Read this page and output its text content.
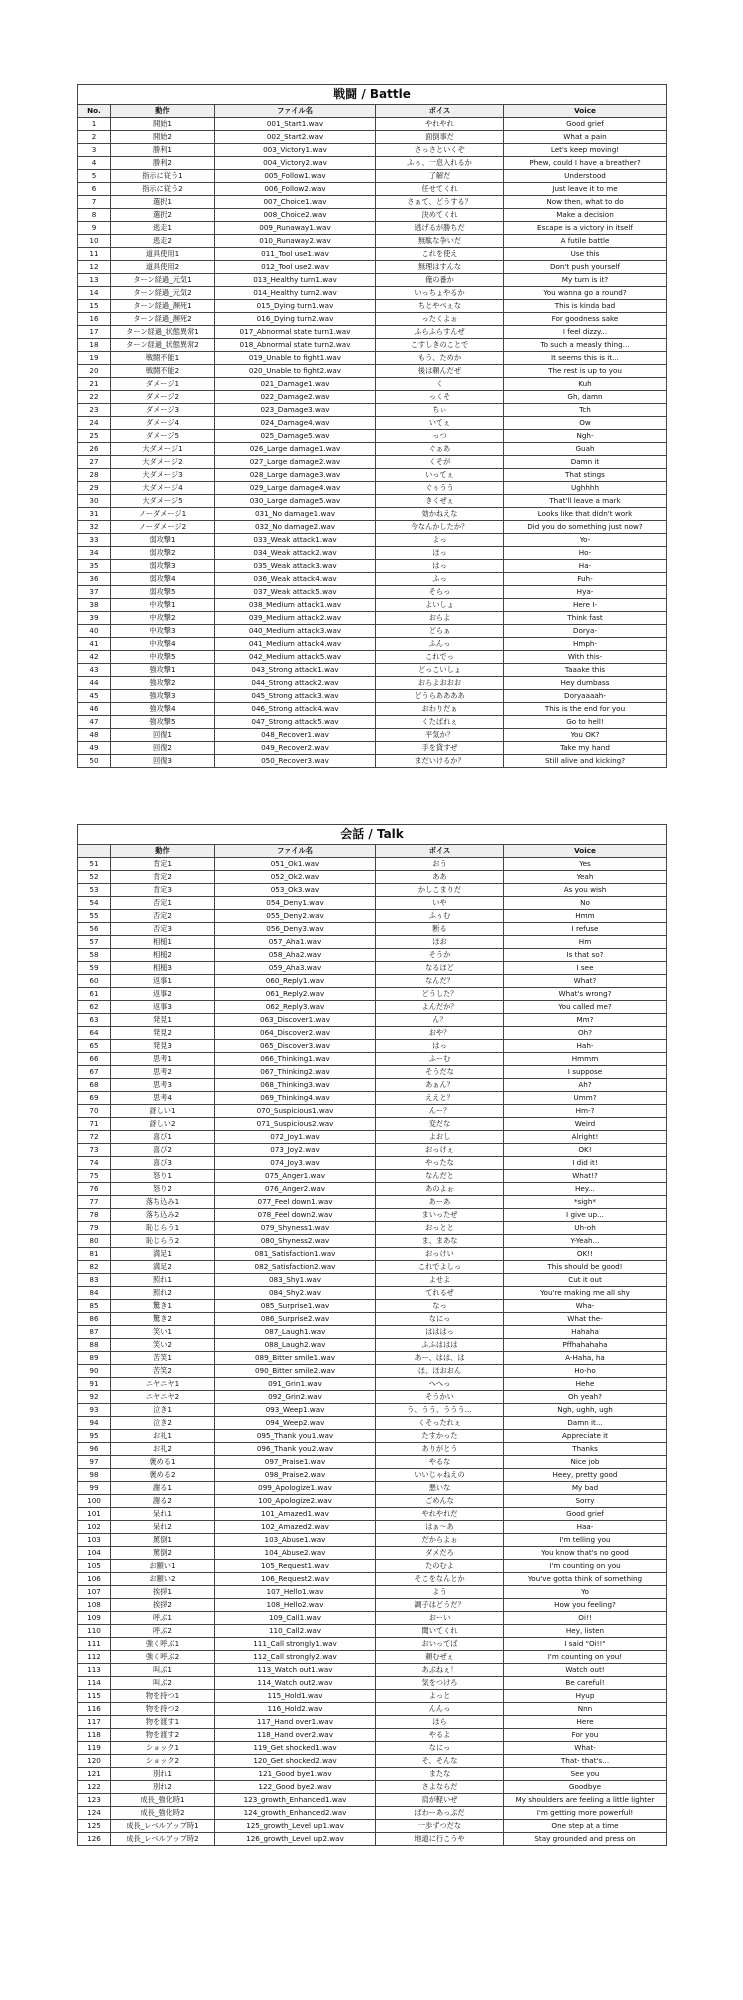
戦闘 / Battle
No.	動作	ファイル名	ボイス	Voice
1	開始1	001_Start1.wav	やれやれ	Good grief
2	開始2	002_Start2.wav	面倒事だ	What a pain
3	勝利1	003_Victory1.wav	さっさといくぞ	Let's keep moving!
4	勝利2	004_Victory2.wav	ふぅ、一息入れるか	Phew, could I have a breather?
5	指示に従う1	005_Follow1.wav	了解だ	Understood
6	指示に従う2	006_Follow2.wav	任せてくれ	Just leave it to me
7	選択1	007_Choice1.wav	さぁて、どうする？	Now then, what to do
8	選択2	008_Choice2.wav	決めてくれ	Make a decision
9	逃走1	009_Runaway1.wav	逃げるが勝ちだ	Escape is a victory in itself
10	逃走2	010_Runaway2.wav	無駄な争いだ	A futile battle
11	道具使用1	011_Tool use1.wav	これを使え	Use this
12	道具使用2	012_Tool use2.wav	無理はすんな	Don't push yourself
13	ターン経過_元気1	013_Healthy turn1.wav	俺の番か	My turn is it?
14	ターン経過_元気2	014_Healthy turn2.wav	いっちょやるか	You wanna go a round?
15	ターン経過_瀕死1	015_Dying turn1.wav	ちとやべぇな	This is kinda bad
16	ターン経過_瀕死2	016_Dying turn2.wav	ったくよぉ	For goodness sake
17	ターン経過_状態異常1	017_Abnormal state turn1.wav	ふらふらすんぜ	I feel dizzy...
18	ターン経過_状態異常2	018_Abnormal state turn2.wav	こすしきのことで	To such a measly thing...
19	戦闘不能1	019_Unable to fight1.wav	もう、ためか	It seems this is it...
20	戦闘不能2	020_Unable to fight2.wav	後は頼んだぜ	The rest is up to you
21	ダメージ1	021_Damage1.wav	く	Kuh
22	ダメージ2	022_Damage2.wav	っくそ	Gh, damn
23	ダメージ3	023_Damage3.wav	ちぃ	Tch
24	ダメージ4	024_Damage4.wav	いてぇ	Ow
25	ダメージ5	025_Damage5.wav	っつ	Ngh-
26	大ダメージ1	026_Large damage1.wav	ぐぁあ	Guah
27	大ダメージ2	027_Large damage2.wav	くそが	Damn it
28	大ダメージ3	028_Large damage3.wav	いってぇ	That stings
29	大ダメージ4	029_Large damage4.wav	ぐぅうう	Ughhhh
30	大ダメージ5	030_Large damage5.wav	きくぜぇ	That'll leave a mark
31	ノーダメージ1	031_No damage1.wav	効かねえな	Looks like that didn't work
32	ノーダメージ2	032_No damage2.wav	今なんかしたか？	Did you do something just now?
33	弱攻撃1	033_Weak attack1.wav	よっ	Yo-
34	弱攻撃2	034_Weak attack2.wav	ほっ	Ho-
35	弱攻撃3	035_Weak attack3.wav	はっ	Ha-
36	弱攻撃4	036_Weak attack4.wav	ふっ	Fuh-
37	弱攻撃5	037_Weak attack5.wav	そらっ	Hya-
38	中攻撃1	038_Medium attack1.wav	よいしょ	Here I-
39	中攻撃2	039_Medium attack2.wav	おらよ	Think fast
40	中攻撃3	040_Medium attack3.wav	どらぁ	Dorya-
41	中攻撃4	041_Medium attack4.wav	ふんっ	Hmph-
42	中攻撃5	042_Medium attack5.wav	これでっ	With this-
43	強攻撃1	043_Strong attack1.wav	どっこいしょ	Taaake this
44	強攻撃2	044_Strong attack2.wav	おらよおおお	Hey dumbass
45	強攻撃3	045_Strong attack3.wav	どうらああああ	Doryaaaah-
46	強攻撃4	046_Strong attack4.wav	おわりだぁ	This is the end for you
47	強攻撃5	047_Strong attack5.wav	くたばれぇ	Go to hell!
48	回復1	048_Recover1.wav	平気か？	You OK?
49	回復2	049_Recover2.wav	手を貸すぜ	Take my hand
50	回復3	050_Recover3.wav	まだいけるか？	Still alive and kicking?
会話 / Talk
	動作	ファイル名	ボイス	Voice
51	肯定1	051_Ok1.wav	おう	Yes
52	肯定2	052_Ok2.wav	ああ	Yeah
53	肯定3	053_Ok3.wav	かしこまりだ	As you wish
54	否定1	054_Deny1.wav	いや	No
55	否定2	055_Deny2.wav	ふぅむ	Hmm
56	否定3	056_Deny3.wav	断る	I refuse
57	相槌1	057_Aha1.wav	ほお	Hm
58	相槌2	058_Aha2.wav	そうか	Is that so?
59	相槌3	059_Aha3.wav	なるほど	I see
60	返事1	060_Reply1.wav	なんだ？	What?
61	返事2	061_Reply2.wav	どうした？	What's wrong?
62	返事3	062_Reply3.wav	よんだか？	You called me?
63	発見1	063_Discover1.wav	ん？	Mm?
64	発見2	064_Discover2.wav	おや？	Oh?
65	発見3	065_Discover3.wav	はっ	Hah-
66	思考1	066_Thinking1.wav	ふーむ	Hmmm
67	思考2	067_Thinking2.wav	そうだな	I suppose
68	思考3	068_Thinking3.wav	あぁん？	Ah?
69	思考4	069_Thinking4.wav	ええと？	Umm?
70	訝しい1	070_Suspicious1.wav	んー？	Hm-?
71	訝しい2	071_Suspicious2.wav	変だな	Weird
72	喜び1	072_Joy1.wav	よおし	Alright!
73	喜び2	073_Joy2.wav	おっけぇ	OK!
74	喜び3	074_Joy3.wav	やったな	I did it!
75	怒り1	075_Anger1.wav	なんだと	What!?
76	怒り2	076_Anger2.wav	あのよぉ	Hey...
77	落ち込み1	077_Feel down1.wav	あーあ	*sigh*
78	落ち込み2	078_Feel down2.wav	まいったぜ	I give up...
79	恥じらう1	079_Shyness1.wav	おっとと	Uh-oh
80	恥じらう2	080_Shyness2.wav	ま、まあな	Y-Yeah...
81	満足1	081_Satisfaction1.wav	おっけい	OK!!
82	満足2	082_Satisfaction2.wav	これでよしっ	This should be good!
83	照れ1	083_Shy1.wav	よせよ	Cut it out
84	照れ2	084_Shy2.wav	てれるぜ	You're making me all shy
85	驚き1	085_Surprise1.wav	なっ	Wha-
86	驚き2	086_Surprise2.wav	なにっ	What the-
87	笑い1	087_Laugh1.wav	はははっ	Hahaha
88	笑い2	088_Laugh2.wav	ふふははは	Pffhahahaha
89	苦笑1	089_Bitter smile1.wav	あー、はは、は	A-Haha, ha
90	苦笑2	090_Bitter smile2.wav	ほ、ほおおん	Ho-ho
91	ニヤニヤ1	091_Grin1.wav	へへっ	Hehe
92	ニヤニヤ2	092_Grin2.wav	そうかい	Oh yeah?
93	泣き1	093_Weep1.wav	う、うう、ううう…	Ngh, ughh, ugh
94	泣き2	094_Weep2.wav	くそったれぇ	Damn it...
95	お礼1	095_Thank you1.wav	たすかった	Appreciate it
96	お礼2	096_Thank you2.wav	ありがとう	Thanks
97	褒める1	097_Praise1.wav	やるな	Nice job
98	褒める2	098_Praise2.wav	いいじゃねえの	Heey, pretty good
99	謝る1	099_Apologize1.wav	悪いな	My bad
100	謝る2	100_Apologize2.wav	ごめんな	Sorry
101	呆れ1	101_Amazed1.wav	やれやれだ	Good grief
102	呆れ2	102_Amazed2.wav	はぁ～あ	Haa-
103	罵倒1	103_Abuse1.wav	だからよぉ	I'm telling you
104	罵倒2	104_Abuse2.wav	ダメだろ	You know that's no good
105	お願い1	105_Request1.wav	たのむよ	I'm counting on you
106	お願い2	106_Request2.wav	そこをなんとか	You've gotta think of something
107	挨拶1	107_Hello1.wav	よう	Yo
108	挨拶2	108_Hello2.wav	調子はどうだ？	How you feeling?
109	呼ぶ1	109_Call1.wav	おーい	Oi!!
110	呼ぶ2	110_Call2.wav	聞いてくれ	Hey, listen
111	強く呼ぶ1	111_Call strongly1.wav	おいってば	I said "Oi!!"
112	強く呼ぶ2	112_Call strongly2.wav	頼むぜぇ	I'm counting on you!
113	叫ぶ1	113_Watch out1.wav	あぶねぇ！	Watch out!
114	叫ぶ2	114_Watch out2.wav	気をつけろ	Be careful!
115	物を持つ1	115_Hold1.wav	よっと	Hyup
116	物を持つ2	116_Hold2.wav	んんっ	Nnn
117	物を渡す1	117_Hand over1.wav	ほら	Here
118	物を渡す2	118_Hand over2.wav	やるよ	For you
119	ショック1	119_Get shocked1.wav	なにっ	What-
120	ショック2	120_Get shocked2.wav	そ、そんな	That- that's...
121	別れ1	121_Good bye1.wav	またな	See you
122	別れ2	122_Good bye2.wav	さよならだ	Goodbye
123	成長_強化時1	123_growth_Enhanced1.wav	肩が軽いぜ	My shoulders are feeling a little lighter
124	成長_強化時2	124_growth_Enhanced2.wav	ぱわーあっぷだ	I'm getting more powerful!
125	成長_レベルアップ時1	125_growth_Level up1.wav	一歩ずつだな	One step at a time
126	成長_レベルアップ時2	126_growth_Level up2.wav	地道に行こうや	Stay grounded and press on
